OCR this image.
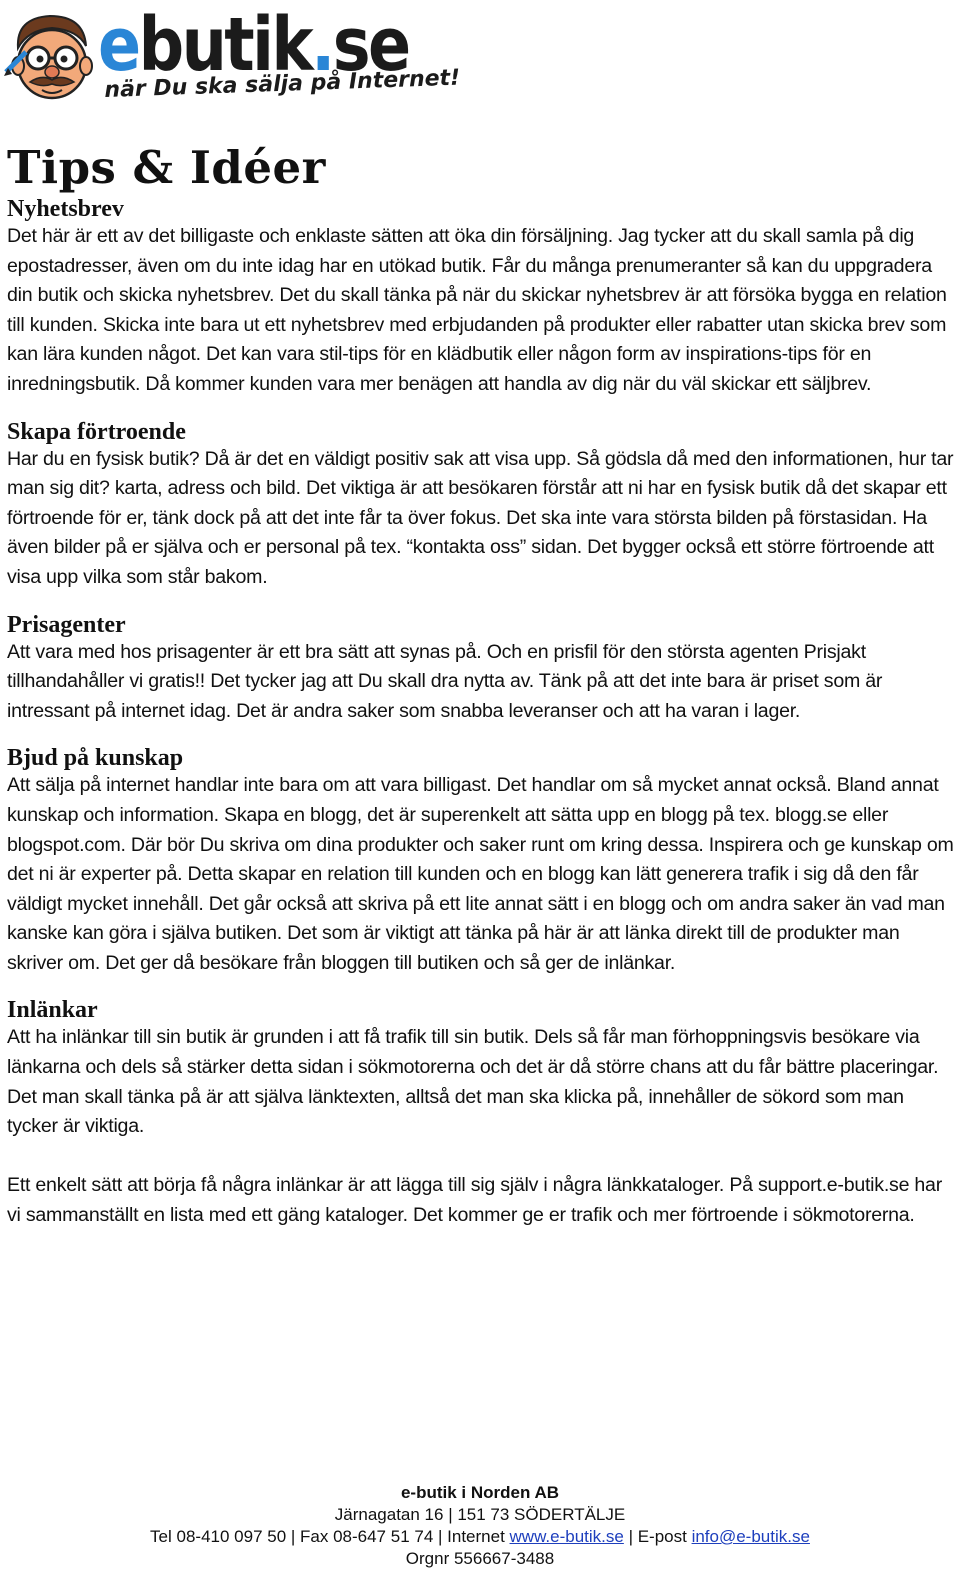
ebutik.se
när Du ska sälja på Internet!
Tips & Idéer
Nyhetsbrev

Det här är ett av det billigaste och enklaste sätten att öka din försäljning. Jag tycker att du skall samla på dig epostadresser, även om du inte idag har en utökad butik. Får du många prenumeranter så kan du uppgradera din butik och skicka nyhetsbrev. Det du skall tänka på när du skickar nyhetsbrev är att försöka bygga en relation till kunden. Skicka inte bara ut ett nyhetsbrev med erbjudanden på produkter eller rabatter utan skicka brev som kan lära kunden något. Det kan vara stil-tips för en klädbutik eller någon form av inspirations-tips för en inredningsbutik. Då kommer kunden vara mer benägen att handla av dig när du väl skickar ett säljbrev.

Skapa förtroende

Har du en fysisk butik? Då är det en väldigt positiv sak att visa upp. Så gödsla då med den informationen, hur tar man sig dit? karta, adress och bild. Det viktiga är att besökaren förstår att ni har en fysisk butik då det skapar ett förtroende för er, tänk dock på att det inte får ta över fokus. Det ska inte vara största bilden på förstasidan. Ha även bilder på er själva och er personal på tex. “kontakta oss” sidan. Det bygger också ett större förtroende att visa upp vilka som står bakom.

Prisagenter

Att vara med hos prisagenter är ett bra sätt att synas på. Och en prisfil för den största agenten Prisjakt tillhandahåller vi gratis!! Det tycker jag att Du skall dra nytta av. Tänk på att det inte bara är priset som är intressant på internet idag. Det är andra saker som snabba leveranser och att ha varan i lager.

Bjud på kunskap

Att sälja på internet handlar inte bara om att vara billigast. Det handlar om så mycket annat också. Bland annat kunskap och information. Skapa en blogg, det är superenkelt att sätta upp en blogg på tex. blogg.se eller blogspot.com. Där bör Du skriva om dina produkter och saker runt om kring dessa. Inspirera och ge kunskap om det ni är experter på. Detta skapar en relation till kunden och en blogg kan lätt generera trafik i sig då den får väldigt mycket innehåll. Det går också att skriva på ett lite annat sätt i en blogg och om andra saker än vad man kanske kan göra i själva butiken. Det som är viktigt att tänka på här är att länka direkt till de produkter man skriver om. Det ger då besökare från bloggen till butiken och så ger de inlänkar.

Inlänkar

Att ha inlänkar till sin butik är grunden i att få trafik till sin butik. Dels så får man förhoppningsvis besökare via länkarna och dels så stärker detta sidan i sökmotorerna och det är då större chans att du får bättre placeringar. Det man skall tänka på är att själva länktexten, alltså det man ska klicka på, innehåller de sökord som man tycker är viktiga.

Ett enkelt sätt att börja få några inlänkar är att lägga till sig själv i några länkkataloger. På support.e-butik.se har vi sammanställt en lista med ett gäng kataloger. Det kommer ge er trafik och mer förtroende i sökmotorerna.

e-butik i Norden AB
Järnagatan 16 | 151 73 SÖDERTÄLJE
Tel 08-410 097 50 | Fax 08-647 51 74 | Internet www.e-butik.se | E-post info@e-butik.se
Orgnr 556667-3488
